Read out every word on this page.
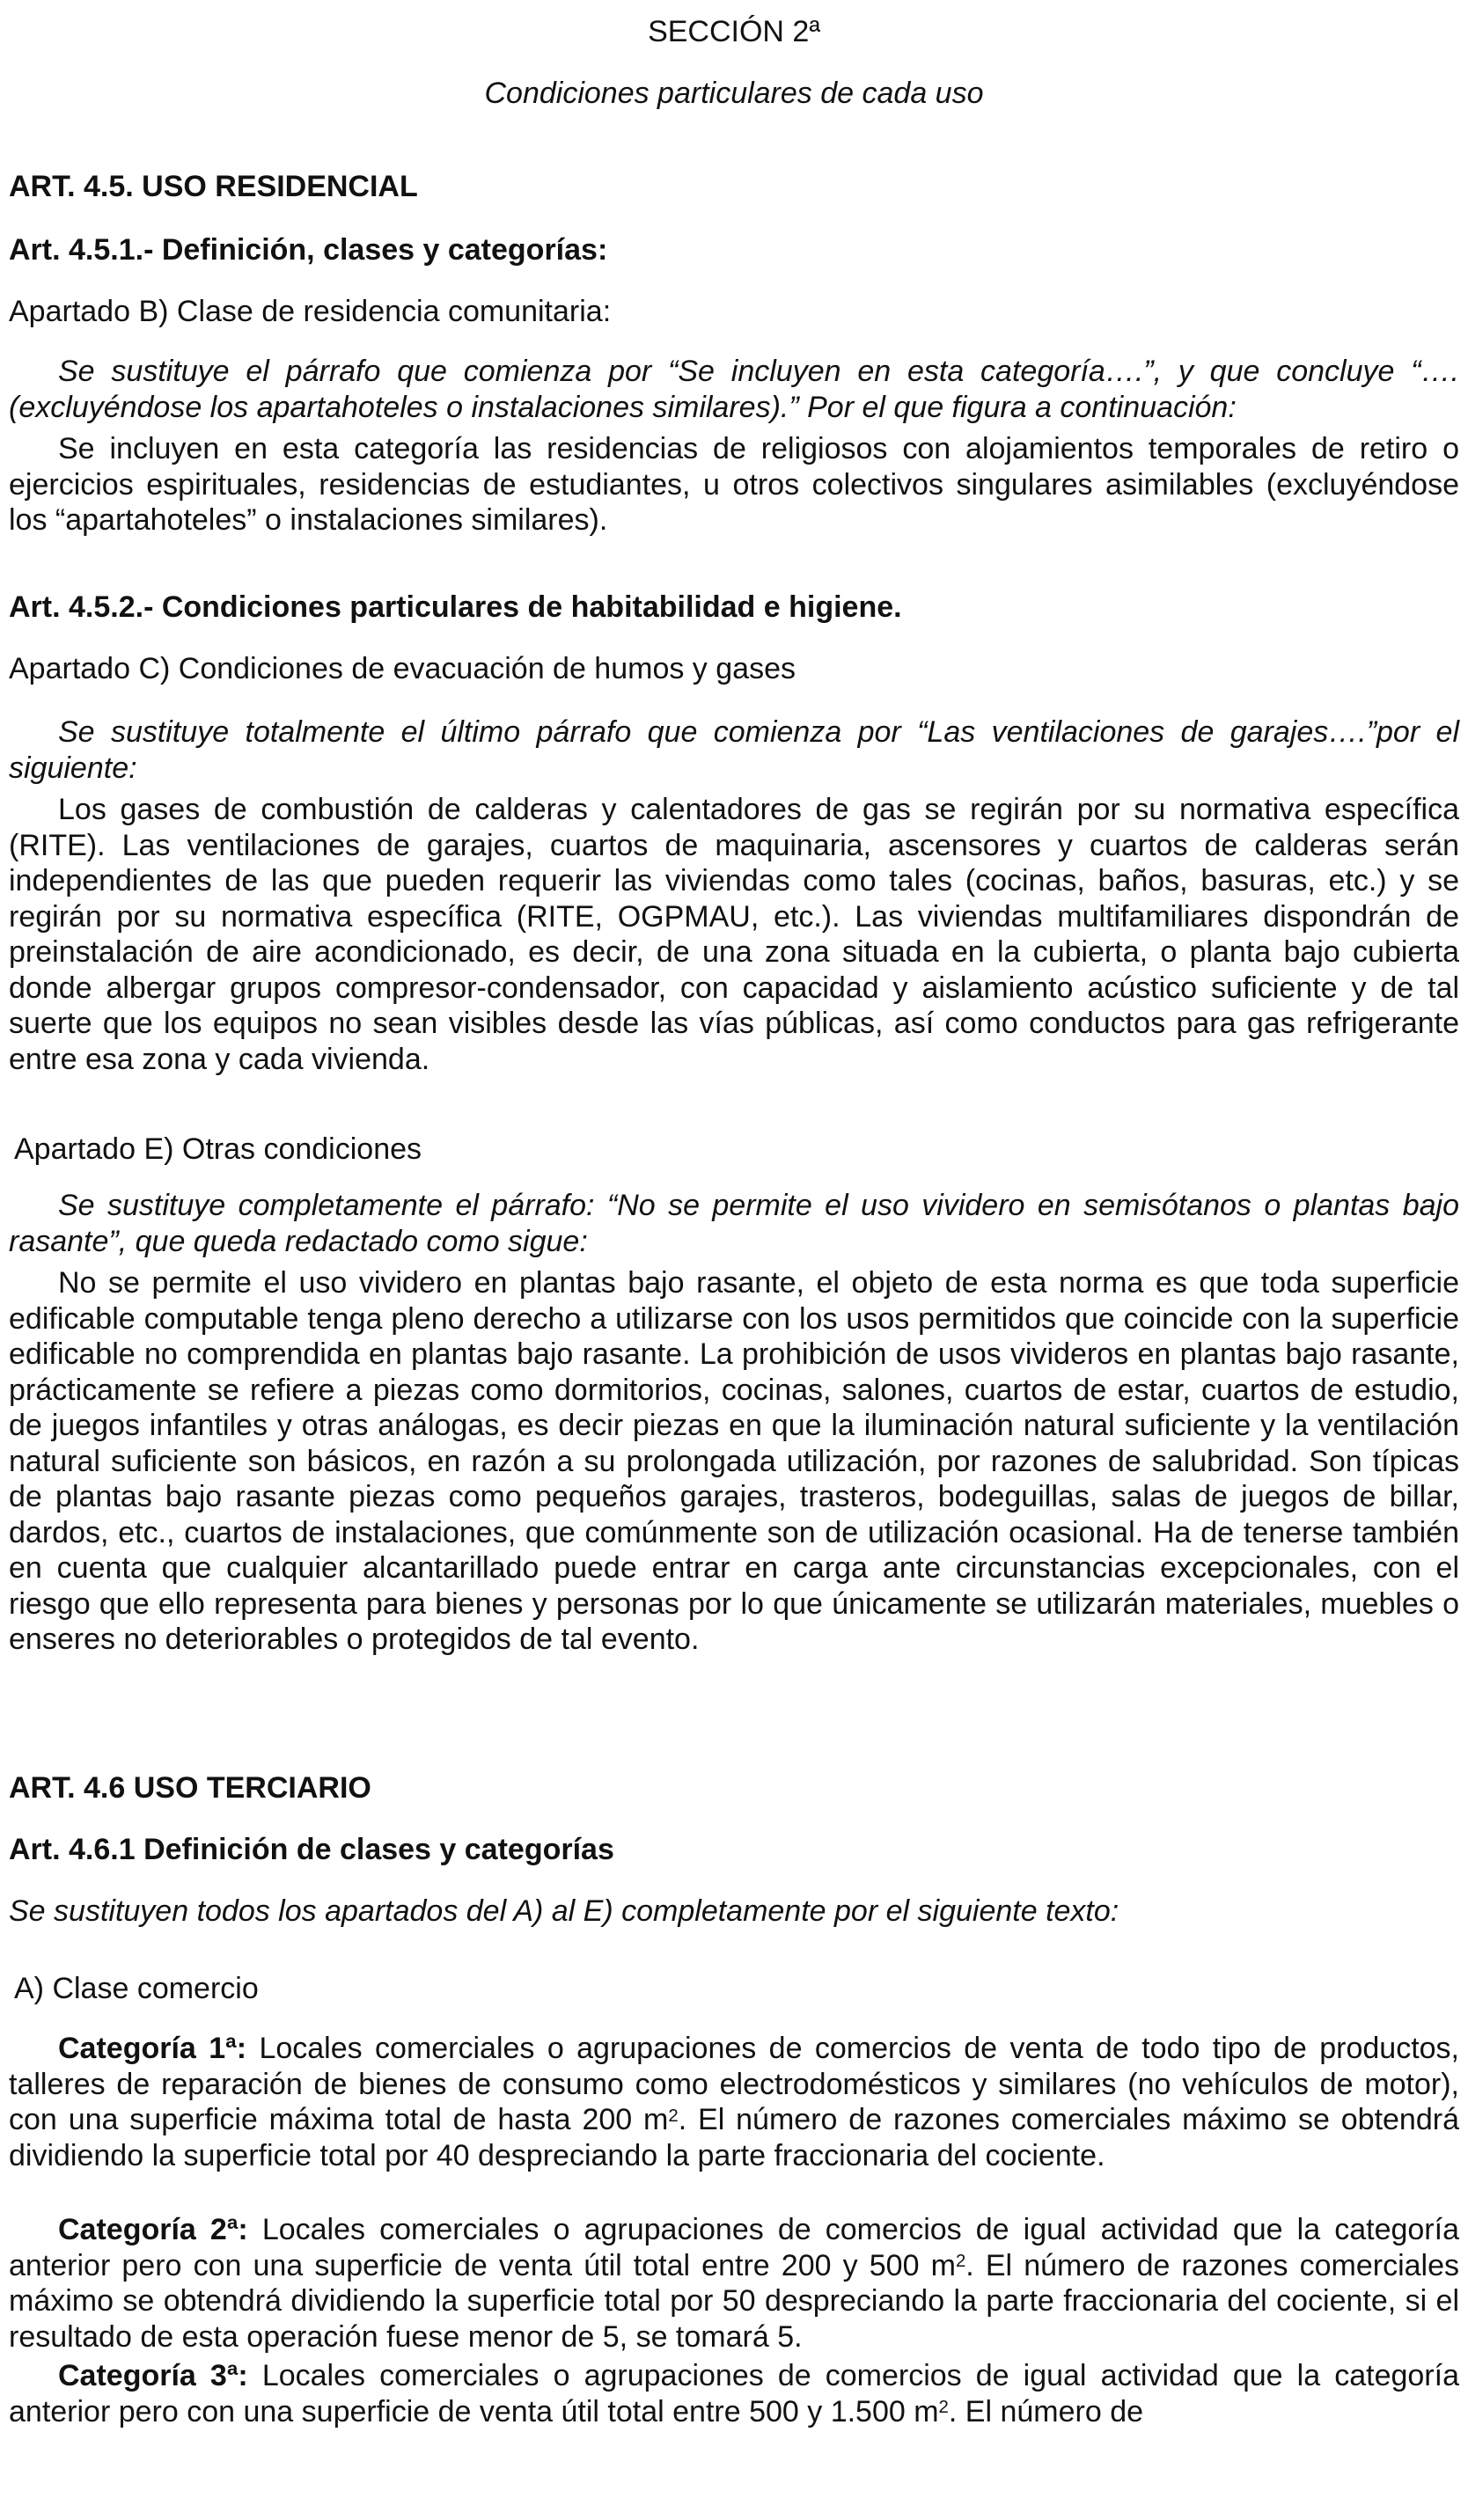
SECCIÓN 2ª

Condiciones particulares de cada uso

ART. 4.5. USO RESIDENCIAL

Art. 4.5.1.- Definición, clases y categorías:

Apartado B) Clase de residencia comunitaria:

Se sustituye el párrafo que comienza por “Se incluyen en esta categoría….”, y que concluye “…. (excluyéndose los apartahoteles o instalaciones similares).” Por el que figura a continuación:

Se incluyen en esta categoría las residencias de religiosos con alojamientos temporales de retiro o ejercicios espirituales, residencias de estudiantes, u otros colectivos singulares asimilables (excluyéndose los “apartahoteles” o instalaciones similares).

Art. 4.5.2.- Condiciones particulares de habitabilidad e higiene.

Apartado C) Condiciones de evacuación de humos y gases

Se sustituye totalmente el último párrafo que comienza por “Las ventilaciones de garajes….”por el siguiente:

Los gases de combustión de calderas y calentadores de gas se regirán por su normativa específica (RITE). Las ventilaciones de garajes, cuartos de maquinaria, ascensores y cuartos de calderas serán independientes de las que pueden requerir las viviendas como tales (cocinas, baños, basuras, etc.) y se regirán por su normativa específica (RITE, OGPMAU, etc.). Las viviendas multifamiliares dispondrán de preinstalación de aire acondicionado, es decir, de una zona situada en la cubierta, o planta bajo cubierta donde albergar grupos compresor-condensador, con capacidad y aislamiento acústico suficiente y de tal suerte que los equipos no sean visibles desde las vías públicas, así como conductos para gas refrigerante entre esa zona y cada vivienda.

Apartado E) Otras condiciones

Se sustituye completamente el párrafo: “No se permite el uso vividero en semisótanos o plantas bajo rasante”, que queda redactado como sigue:

No se permite el uso vividero en plantas bajo rasante, el objeto de esta norma es que toda superficie edificable computable tenga pleno derecho a utilizarse con los usos permitidos que coincide con la superficie edificable no comprendida en plantas bajo rasante. La prohibición de usos vivideros en plantas bajo rasante, prácticamente se refiere a piezas como dormitorios, cocinas, salones, cuartos de estar, cuartos de estudio, de juegos infantiles y otras análogas, es decir piezas en que la iluminación natural suficiente y la ventilación natural suficiente son básicos, en razón a su prolongada utilización, por razones de salubridad. Son típicas de plantas bajo rasante piezas como pequeños garajes, trasteros, bodeguillas, salas de juegos de billar, dardos, etc., cuartos de instalaciones, que comúnmente son de utilización ocasional. Ha de tenerse también en cuenta que cualquier alcantarillado puede entrar en carga ante circunstancias excepcionales, con el riesgo que ello representa para bienes y personas por lo que únicamente se utilizarán materiales, muebles o enseres no deteriorables o protegidos de tal evento.

ART. 4.6 USO TERCIARIO

Art. 4.6.1 Definición de clases y categorías

Se sustituyen todos los apartados del A) al E) completamente por el siguiente texto:

A) Clase comercio

Categoría 1ª: Locales comerciales o agrupaciones de comercios de venta de todo tipo de productos, talleres de reparación de bienes de consumo como electrodomésticos y similares (no vehículos de motor), con una superficie máxima total de hasta 200 $m^2$. El número de razones comerciales máximo se obtendrá dividiendo la superficie total por 40 despreciando la parte fraccionaria del cociente.

Categoría 2ª: Locales comerciales o agrupaciones de comercios de igual actividad que la categoría anterior pero con una superficie de venta útil total entre 200 y 500 $m^2$. El número de razones comerciales máximo se obtendrá dividiendo la superficie total por 50 despreciando la parte fraccionaria del cociente, si el resultado de esta operación fuese menor de 5, se tomará 5.

Categoría 3ª: Locales comerciales o agrupaciones de comercios de igual actividad que la categoría anterior pero con una superficie de venta útil total entre 500 y 1.500 $m^2$. El número de
